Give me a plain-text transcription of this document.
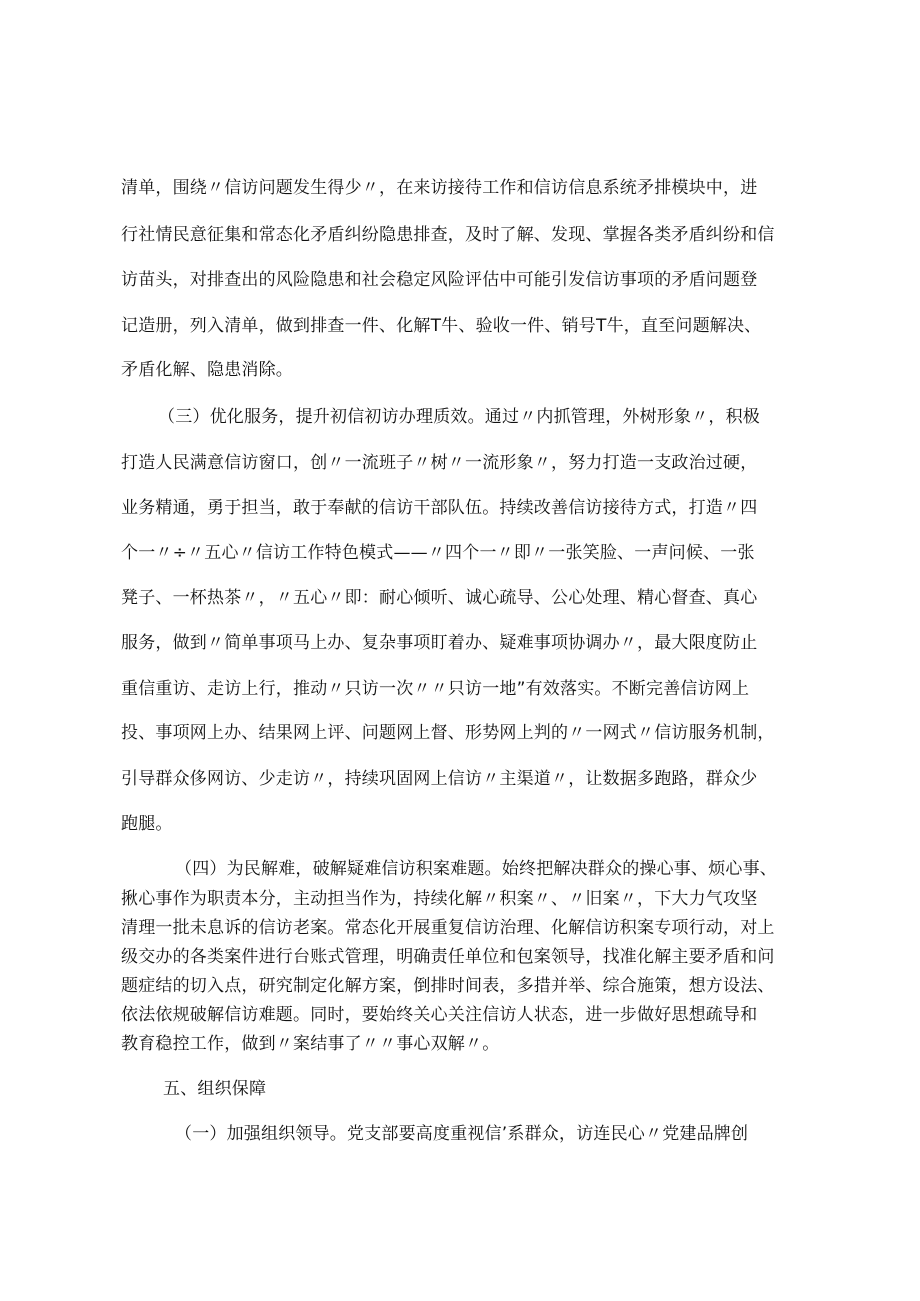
清单，围绕〃信访问题发生得少〃，在来访接待工作和信访信息系统矛排模块中，进
行社情民意征集和常态化矛盾纠纷隐患排查，及时了解、发现、掌握各类矛盾纠纷和信
访苗头，对排查出的风险隐患和社会稳定风险评估中可能引发信访事项的矛盾问题登
记造册，列入清单，做到排查一件、化解T牛、验收一件、销号T牛，直至问题解决、
矛盾化解、隐患消除。
（三）优化服务，提升初信初访办理质效。通过〃内抓管理，外树形象〃，积极
打造人民满意信访窗口，创〃一流班子〃树〃一流形象〃，努力打造一支政治过硬，
业务精通，勇于担当，敢于奉献的信访干部队伍。持续改善信访接待方式，打造〃四
个一〃÷〃五心〃信访工作特色模式——〃四个一〃即〃一张笑脸、一声问候、一张
凳子、一杯热茶〃，〃五心〃即：耐心倾听、诚心疏导、公心处理、精心督查、真心
服务，做到〃简单事项马上办、复杂事项盯着办、疑难事项协调办〃，最大限度防止
重信重访、走访上行，推动〃只访一次〃〃只访一地”有效落实。不断完善信访网上
投、事项网上办、结果网上评、问题网上督、形势网上判的〃一网式〃信访服务机制，
引导群众侈网访、少走访〃，持续巩固网上信访〃主渠道〃，让数据多跑路，群众少
跑腿。
（四）为民解难，破解疑难信访积案难题。始终把解决群众的操心事、烦心事、
揪心事作为职责本分，主动担当作为，持续化解〃积案〃、〃旧案〃，下大力气攻坚
清理一批未息诉的信访老案。常态化开展重复信访治理、化解信访积案专项行动，对上
级交办的各类案件进行台账式管理，明确责任单位和包案领导，找准化解主要矛盾和问
题症结的切入点，研究制定化解方案，倒排时间表，多措并举、综合施策，想方设法、
依法依规破解信访难题。同时，要始终关心关注信访人状态，进一步做好思想疏导和
教育稳控工作，做到〃案结事了〃〃事心双解〃。
五、组织保障
（一）加强组织领导。党支部要高度重视信’系群众，访连民心〃党建品牌创
